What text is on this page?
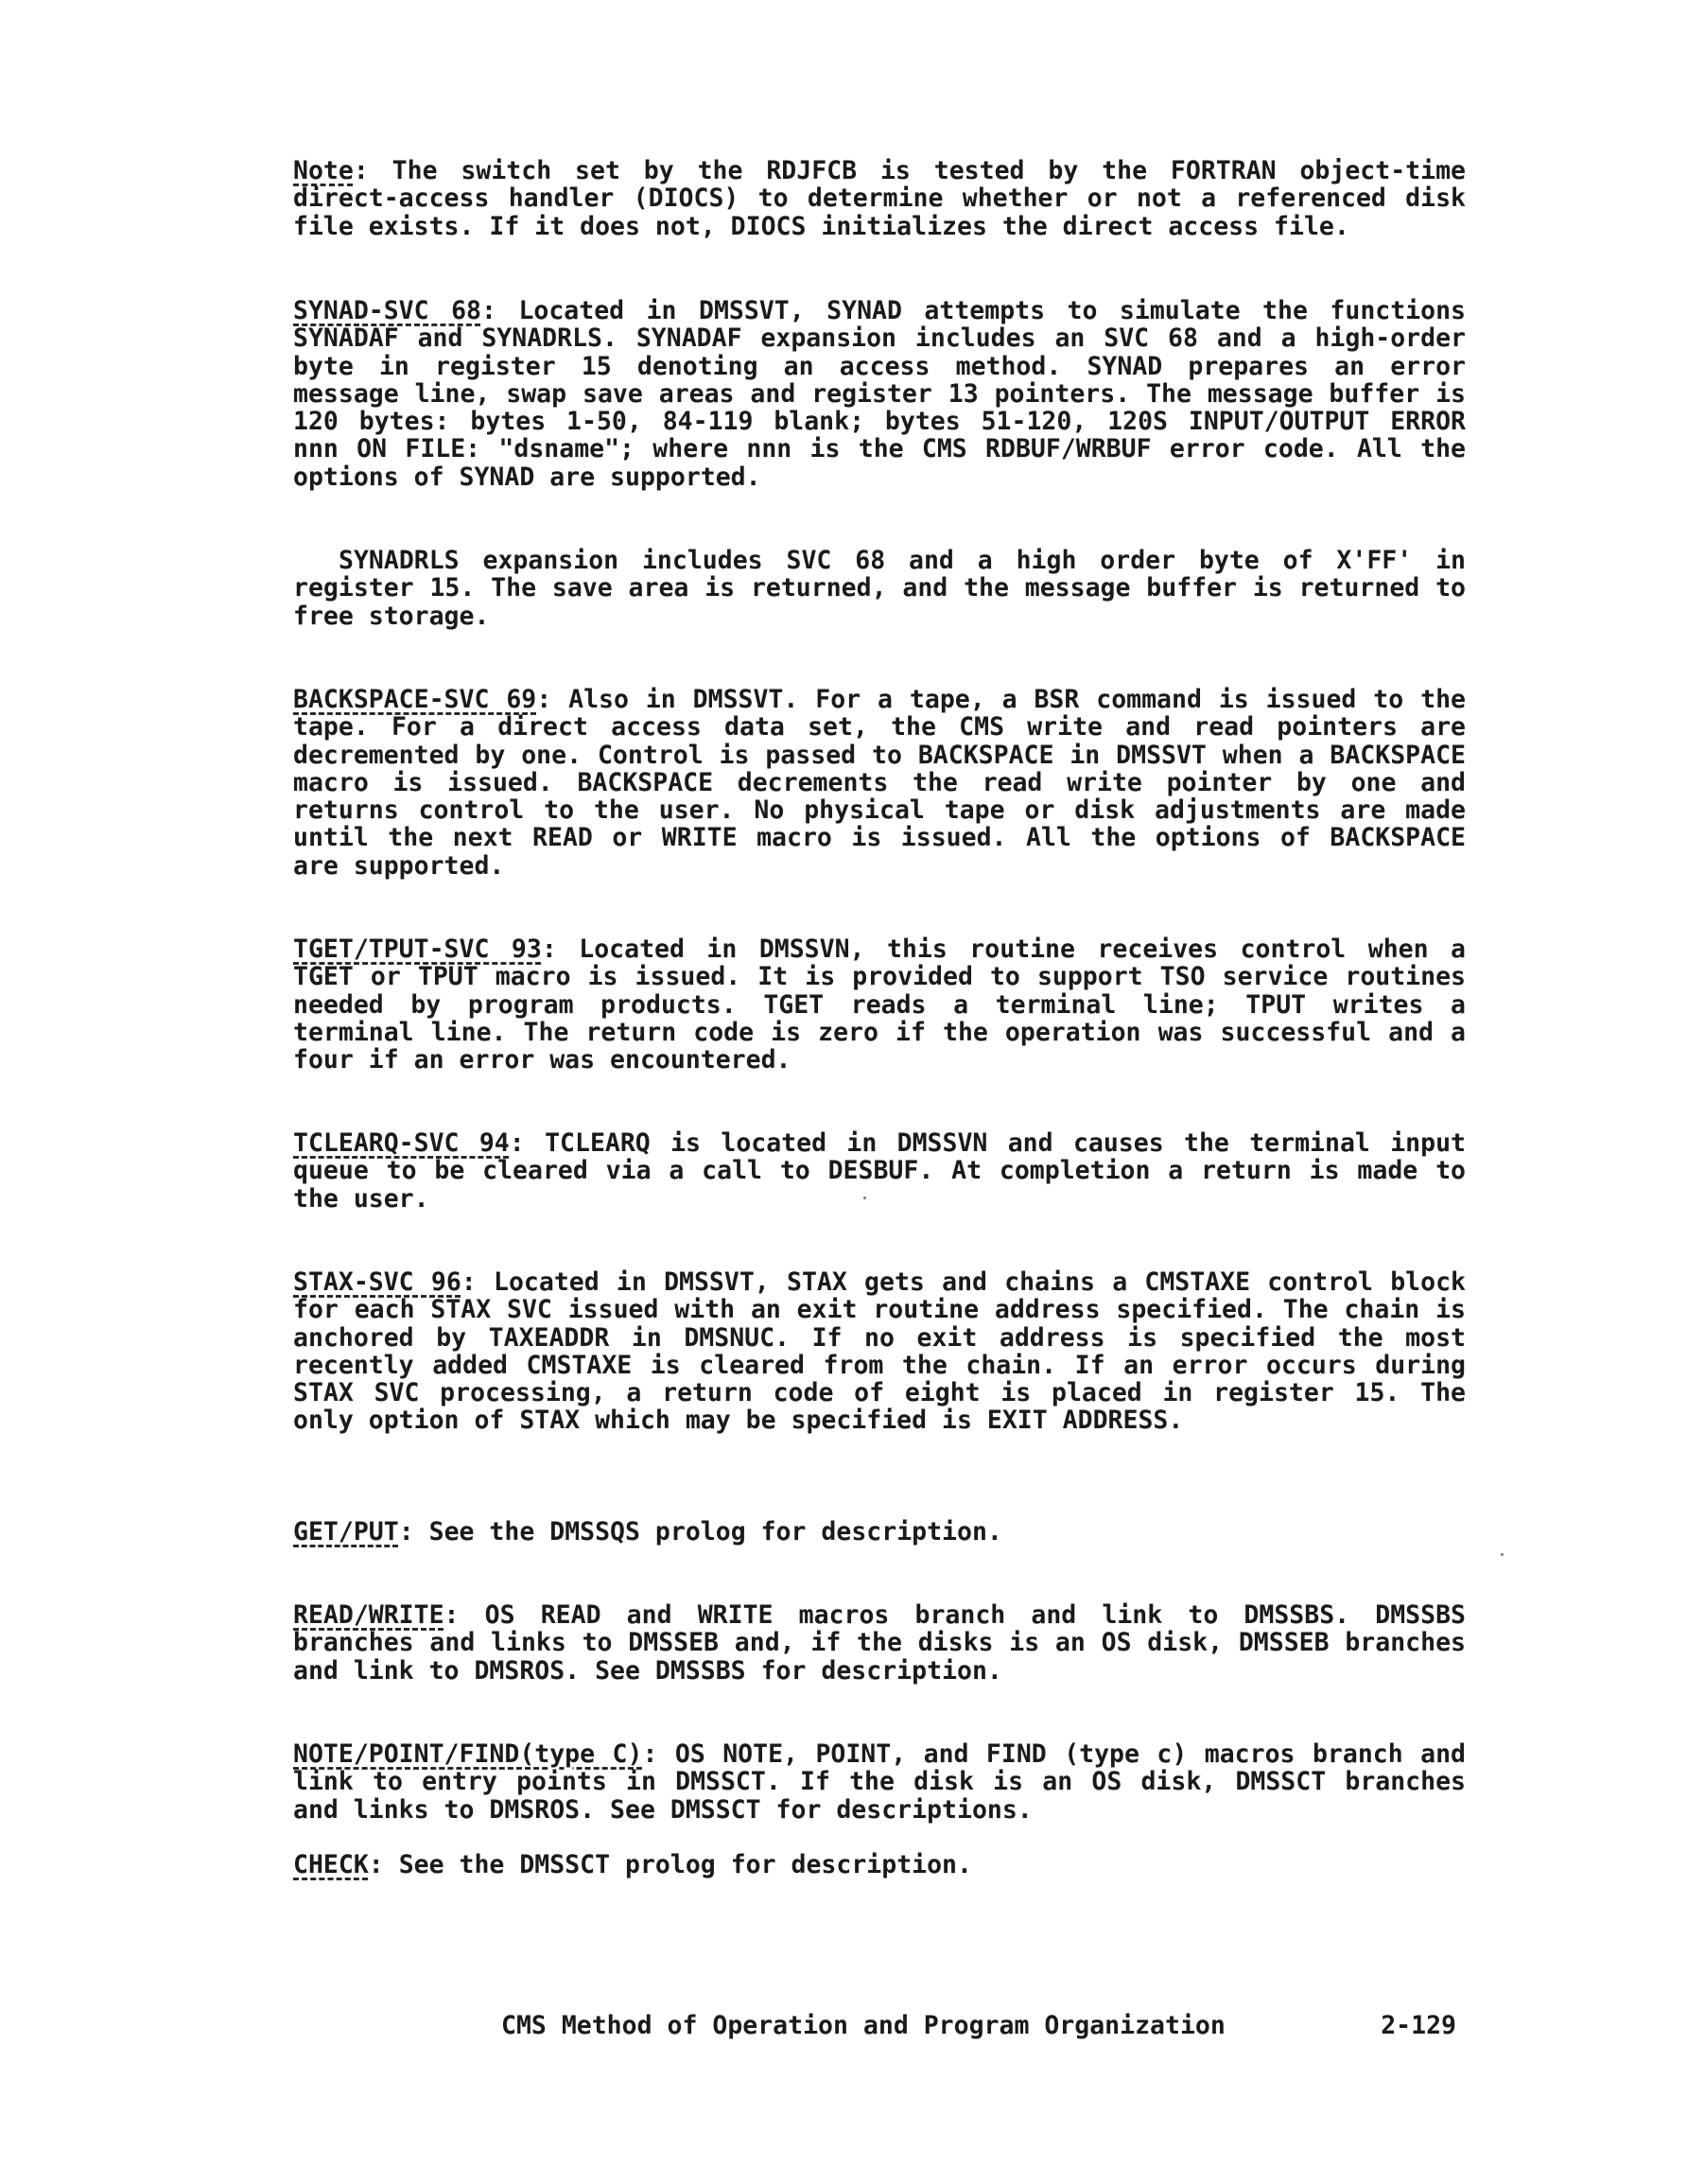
Note: The switch set by the RDJFCB is tested by the FORTRAN object-time direct-access handler (DIOCS) to determine whether or not a referenced disk file exists. If it does not, DIOCS initializes the direct access file.
SYNAD-SVC 68: Located in DMSSVT, SYNAD attempts to simulate the functions SYNADAF and SYNADRLS. SYNADAF expansion includes an SVC 68 and a high-order byte in register 15 denoting an access method. SYNAD prepares an error message line, swap save areas and register 13 pointers. The message buffer is 120 bytes: bytes 1-50, 84-119 blank; bytes 51-120, 120S INPUT/OUTPUT ERROR nnn ON FILE: "dsname"; where nnn is the CMS RDBUF/WRBUF error code. All the options of SYNAD are supported.
SYNADRLS expansion includes SVC 68 and a high order byte of X'FF' in register 15. The save area is returned, and the message buffer is returned to free storage.
BACKSPACE-SVC 69: Also in DMSSVT. For a tape, a BSR command is issued to the tape. For a direct access data set, the CMS write and read pointers are decremented by one. Control is passed to BACKSPACE in DMSSVT when a BACKSPACE macro is issued. BACKSPACE decrements the read write pointer by one and returns control to the user. No physical tape or disk adjustments are made until the next READ or WRITE macro is issued. All the options of BACKSPACE are supported.
TGET/TPUT-SVC 93: Located in DMSSVN, this routine receives control when a TGET or TPUT macro is issued. It is provided to support TSO service routines needed by program products. TGET reads a terminal line; TPUT writes a terminal line. The return code is zero if the operation was successful and a four if an error was encountered.
TCLEARQ-SVC 94: TCLEARQ is located in DMSSVN and causes the terminal input queue to be cleared via a call to DESBUF. At completion a return is made to the user.
STAX-SVC 96: Located in DMSSVT, STAX gets and chains a CMSTAXE control block for each STAX SVC issued with an exit routine address specified. The chain is anchored by TAXEADDR in DMSNUC. If no exit address is specified the most recently added CMSTAXE is cleared from the chain. If an error occurs during STAX SVC processing, a return code of eight is placed in register 15. The only option of STAX which may be specified is EXIT ADDRESS.
GET/PUT: See the DMSSQS prolog for description.
READ/WRITE: OS READ and WRITE macros branch and link to DMSSBS. DMSSBS branches and links to DMSSEB and, if the disks is an OS disk, DMSSEB branches and link to DMSROS. See DMSSBS for description.
NOTE/POINT/FIND(type C): OS NOTE, POINT, and FIND (type c) macros branch and link to entry points in DMSSCT. If the disk is an OS disk, DMSSCT branches and links to DMSROS. See DMSSCT for descriptions.
CHECK: See the DMSSCT prolog for description.
CMS Method of Operation and Program Organization	2-129
